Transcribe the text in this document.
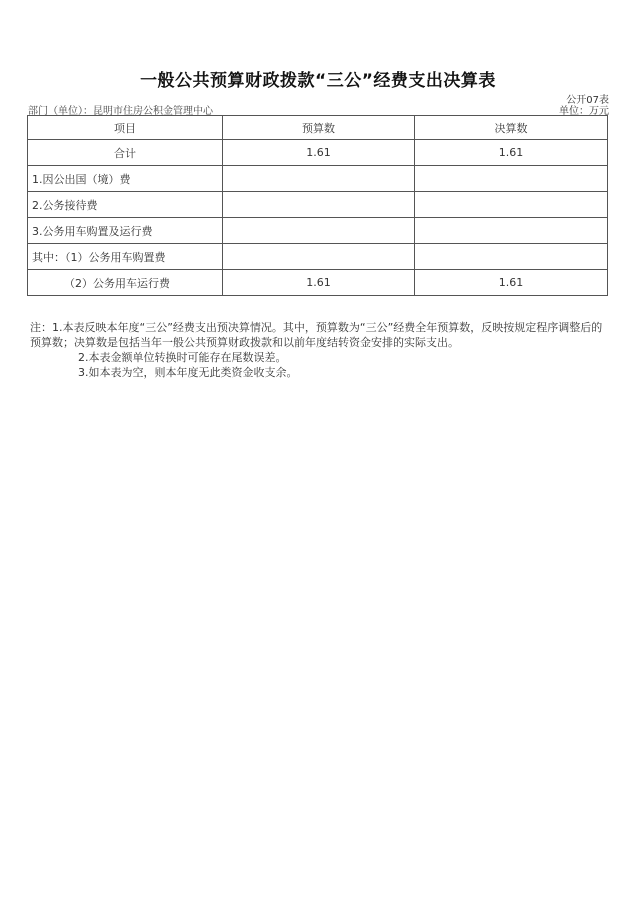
一般公共预算财政拨款“三公”经费支出决算表
公开07表
部门（单位）：昆明市住房公积金管理中心	单位：万元
项目	预算数	决算数
合计	1.61	1.61
1.因公出国（境）费		
2.公务接待费		
3.公务用车购置及运行费		
其中：（1）公务用车购置费		
（2）公务用车运行费	1.61	1.61

注：1.本表反映本年度“三公”经费支出预决算情况。其中，预算数为“三公”经费全年预算数，反映按规定程序调整后的预算数；决算数是包括当年一般公共预算财政拨款和以前年度结转资金安排的实际支出。

2.本表金额单位转换时可能存在尾数误差。

3.如本表为空，则本年度无此类资金收支余。
